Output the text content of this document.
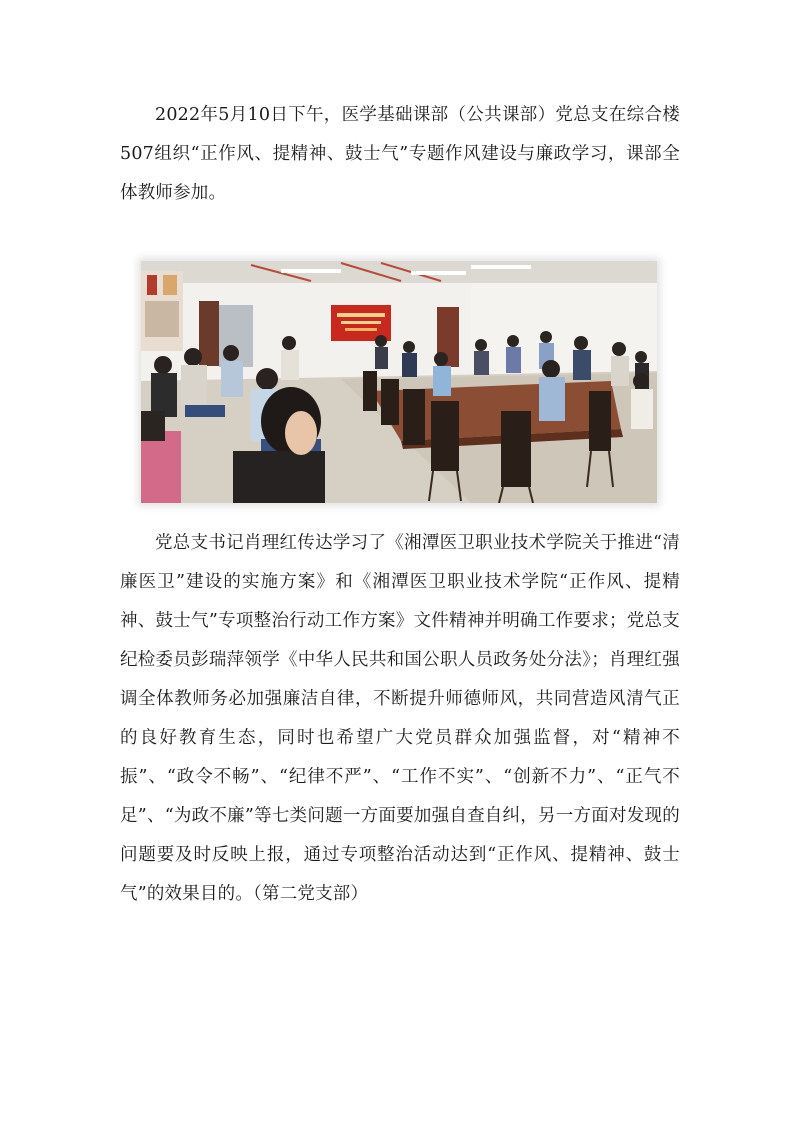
2022年5月10日下午，医学基础课部（公共课部）党总支在综合楼507组织“正作风、提精神、鼓士气”专题作风建设与廉政学习，课部全体教师参加。

党总支书记肖理红传达学习了《湘潭医卫职业技术学院关于推进“清廉医卫”建设的实施方案》和《湘潭医卫职业技术学院“正作风、提精神、鼓士气”专项整治行动工作方案》文件精神并明确工作要求；党总支纪检委员彭瑞萍领学《中华人民共和国公职人员政务处分法》；肖理红强调全体教师务必加强廉洁自律，不断提升师德师风，共同营造风清气正的良好教育生态，同时也希望广大党员群众加强监督，对“精神不振”、“政令不畅”、“纪律不严”、“工作不实”、“创新不力”、“正气不足”、“为政不廉”等七类问题一方面要加强自查自纠，另一方面对发现的问题要及时反映上报，通过专项整治活动达到“正作风、提精神、鼓士气”的效果目的。（第二党支部）
